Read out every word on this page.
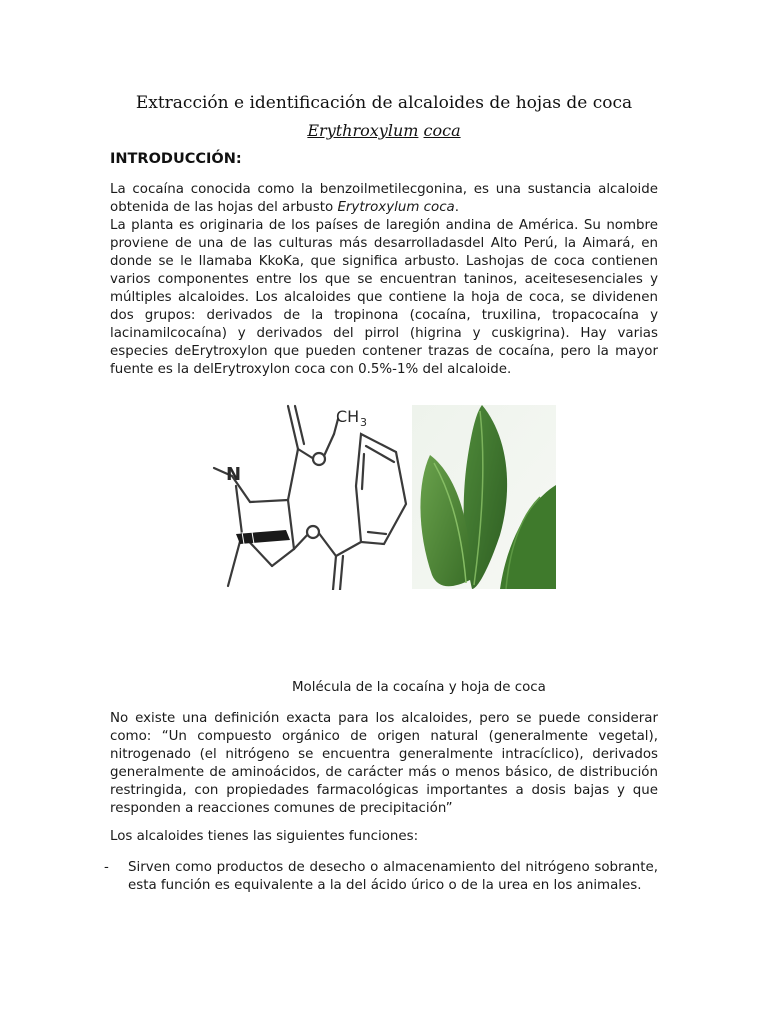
Extracción e identificación de alcaloides de hojas de coca
Erythroxylum coca
INTRODUCCIÓN:

La cocaína conocida como la benzoilmetilecgonina, es una sustancia alcaloide obtenida de las hojas del arbusto Erytroxylum coca.

La planta es originaria de los países de laregión andina de América. Su nombre proviene de una de las culturas más desarrolladasdel Alto Perú, la Aimará, en donde se le llamaba KkoKa, que significa arbusto. Lashojas de coca contienen varios componentes entre los que se encuentran taninos, aceitesesenciales y múltiples alcaloides. Los alcaloides que contiene la hoja de coca, se dividenen dos grupos: derivados de la tropinona (cocaína, truxilina, tropacocaína y lacinamilcocaína) y derivados del pirrol (higrina y cuskigrina). Hay varias especies deErytroxylon que pueden contener trazas de cocaína, pero la mayor fuente es la delErytroxylon coca con 0.5%-1% del alcaloide.

N
CH 3
Molécula de la cocaína y hoja de coca
No existe una definición exacta para los alcaloides, pero se puede considerar como: “Un compuesto orgánico de origen natural (generalmente vegetal), nitrogenado (el nitrógeno se encuentra generalmente intracíclico), derivados generalmente de aminoácidos, de carácter más o menos básico, de distribución restringida, con propiedades farmacológicas importantes a dosis bajas y que responden a reacciones comunes de precipitación”
Los alcaloides tienes las siguientes funciones:
- Sirven como productos de desecho o almacenamiento del nitrógeno sobrante, esta función es equivalente a la del ácido úrico o de la urea en los animales.
